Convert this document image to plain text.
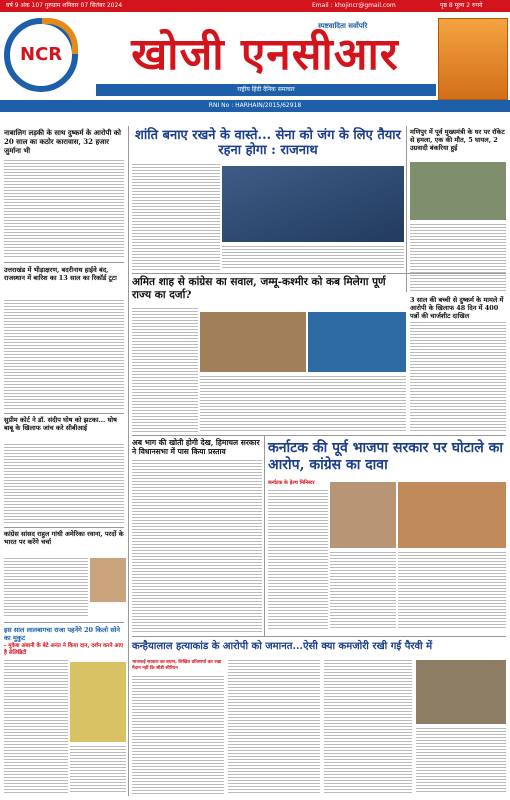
वर्ष 9 अंक 107 गुरुग्राम शनिवार 07 सितंबर 2024	Email : khojincr@gmail.com	पृष्ठ 8 मूल्य 2 रुपये
NCR
स्पष्टवादिता सर्वोपरि
खोजी एनसीआर
राष्ट्रीय हिंदी दैनिक समाचार
RNI No : HARHAIN/2015/62918
नाबालिग लड़की के साथ दुष्कर्म के आरोपी को 20 साल का कठोर कारावास, 32 हजार जुर्माना भी
उत्तराखंड में भीड़ाक्षरण, बदरीनाथ हाईवे बंद, राजस्थान में बारिश का 13 साल का रिकॉर्ड टूटा
सुप्रीम कोर्ट ने डॉ. संदीप घोष को झटका... घोष बाबू के खिलाफ जांच करे सीबीआई
कांग्रेस सांसद राहुल गांधी अमेरिका रवाना, परदों के भारत पर करेंगे चर्चा
इस साल लालबागचा राजा पहनेंगे 20 किलो सोने का मुकुट
- मुकेश अंबानी के बेटे अनंत ने किया दान, दर्शन करने आए है सेलिब्रिटी
शांति बनाए रखने के वास्ते... सेना को जंग के लिए तैयार रहना होगा : राजनाथ
मणिपुर में पूर्व मुख्यमंत्री के घर पर रॉकेट से हमला, एक की मौत, 5 घायल, 2 उग्रवादी बंकरिया हुई
अमित शाह से कांग्रेस का सवाल, जम्मू-कश्मीर को कब मिलेगा पूर्ण राज्य का दर्जा?	3 साल की बच्ची से दुष्कर्म के मामले में आरोपी के खिलाफ 48 दिन में 400 पन्नों की चार्जशीट दाखिल
अब भाग की खोती होगी देख, हिमाचल सरकार ने विधानसभा में पास किया प्रस्ताव	कर्नाटक की पूर्व भाजपा सरकार पर घोटाले का आरोप, कांग्रेस का दावा
कर्नाटक के हेल्थ मिनिस्टर
कन्हैयालाल हत्याकांड के आरोपी को जमानत...ऐसी क्या कमजोरी रखी गई पैरवी में
भाजपाई सरकार का बयान, लिखित प्रतिस्पर्धा कर रखा मैदान नहीं कि सीडी सीरियन
